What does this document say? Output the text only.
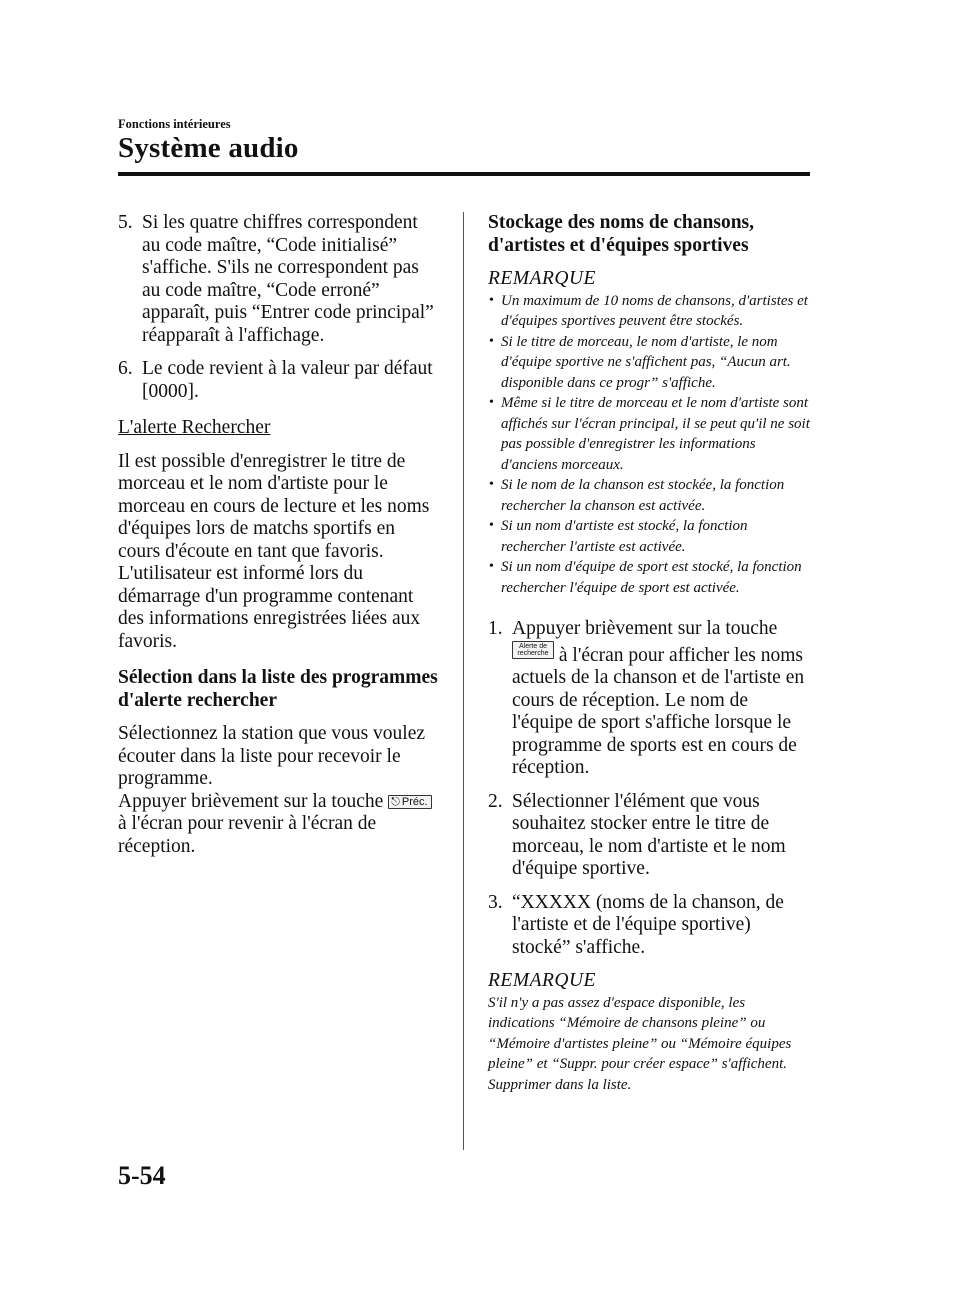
Fonctions intérieures
Système audio
5. Si les quatre chiffres correspondent au code maître, “Code initialisé” s'affiche. S'ils ne correspondent pas au code maître, “Code erroné” apparaît, puis “Entrer code principal” réapparaît à l'affichage.
6. Le code revient à la valeur par défaut [0000].

L'alerte Rechercher

Il est possible d'enregistrer le titre de morceau et le nom d'artiste pour le morceau en cours de lecture et les noms d'équipes lors de matchs sportifs en cours d'écoute en tant que favoris. L'utilisateur est informé lors du démarrage d'un programme contenant des informations enregistrées liées aux favoris.

Sélection dans la liste des programmes d'alerte rechercher

Sélectionnez la station que vous voulez écouter dans la liste pour recevoir le programme.

Appuyer brièvement sur la touche ⎋ Préc. à l'écran pour revenir à l'écran de réception.

Stockage des noms de chansons, d'artistes et d'équipes sportives

REMARQUE

• Un maximum de 10 noms de chansons, d'artistes et d'équipes sportives peuvent être stockés.
• Si le titre de morceau, le nom d'artiste, le nom d'équipe sportive ne s'affichent pas, “Aucun art. disponible dans ce progr” s'affiche.
• Même si le titre de morceau et le nom d'artiste sont affichés sur l'écran principal, il se peut qu'il ne soit pas possible d'enregistrer les informations d'anciens morceaux.
• Si le nom de la chanson est stockée, la fonction rechercher la chanson est activée.
• Si un nom d'artiste est stocké, la fonction rechercher l'artiste est activée.
• Si un nom d'équipe de sport est stocké, la fonction rechercher l'équipe de sport est activée.
1. Appuyer brièvement sur la touche Alerte de recherche à l'écran pour afficher les noms actuels de la chanson et de l'artiste en cours de réception. Le nom de l'équipe de sport s'affiche lorsque le programme de sports est en cours de réception.
2. Sélectionner l'élément que vous souhaitez stocker entre le titre de morceau, le nom d'artiste et le nom d'équipe sportive.
3. “XXXXX (noms de la chanson, de l'artiste et de l'équipe sportive) stocké” s'affiche.

REMARQUE

S'il n'y a pas assez d'espace disponible, les indications “Mémoire de chansons pleine” ou “Mémoire d'artistes pleine” ou “Mémoire équipes pleine” et “Suppr. pour créer espace” s'affichent. Supprimer dans la liste.

5-54
